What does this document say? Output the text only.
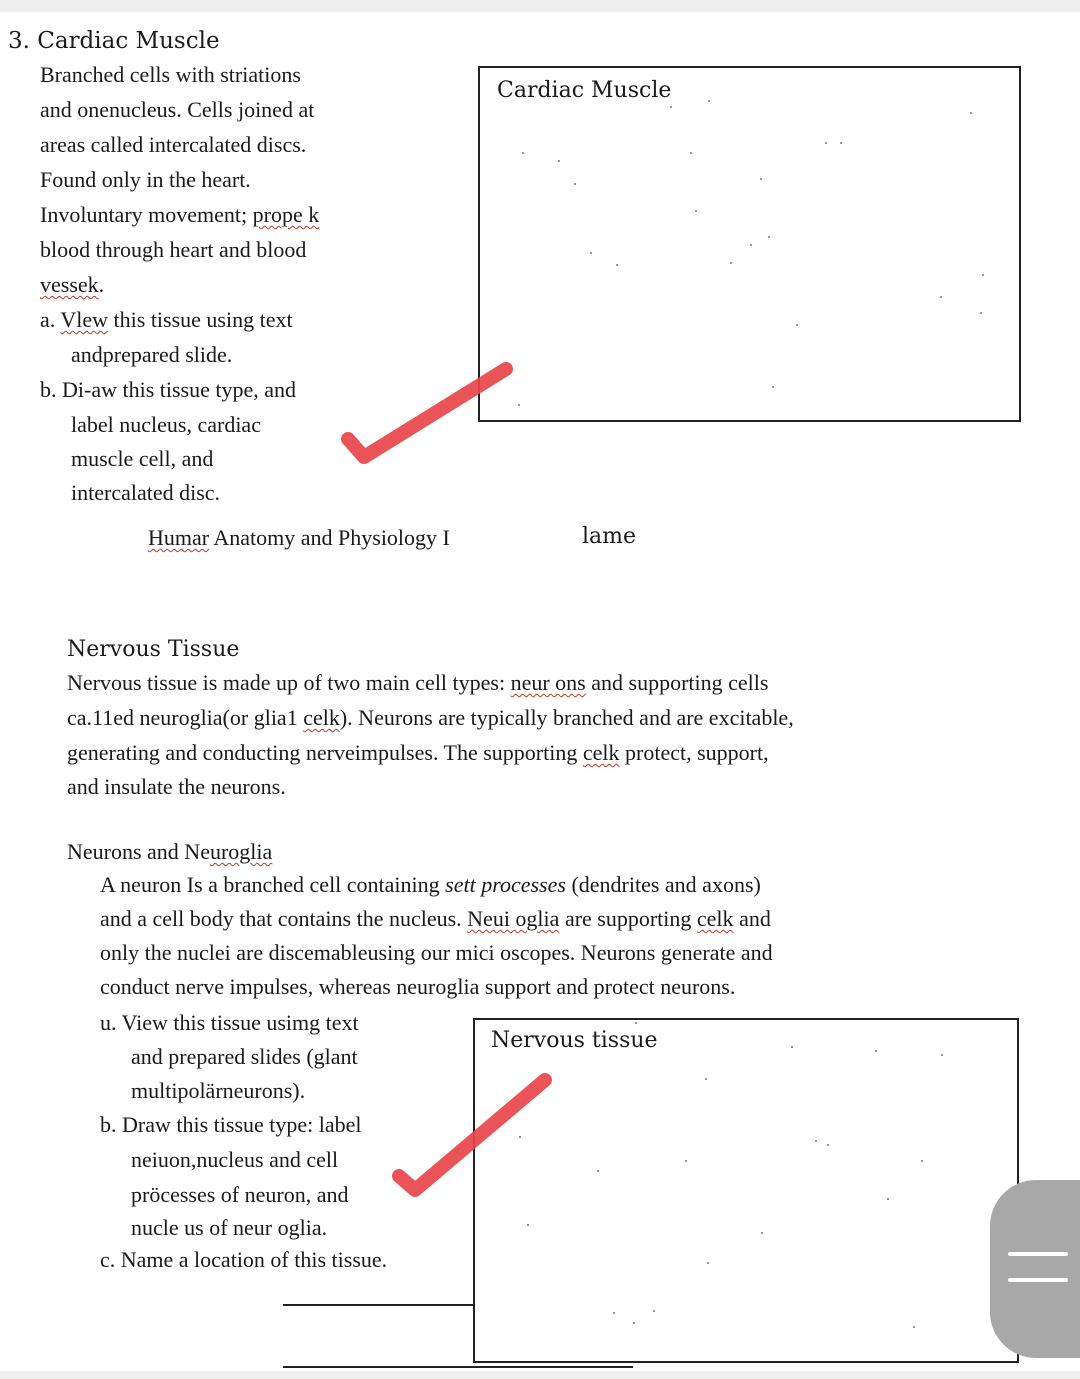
3. Cardiac Muscle
Branched cells with striations
and onenucleus. Cells joined at
areas called intercalated discs.
Found only in the heart.
Involuntary movement; prope k
blood through heart and blood
vessek.
a. Vlew this tissue using text
andprepared slide.
b. Di-aw this tissue type, and
label nucleus, cardiac
muscle cell, and
intercalated disc.
Cardiac Muscle
Humar Anatomy and Physiology I	lame
Nervous Tissue
Nervous tissue is made up of two main cell types: neur ons and supporting cells
ca.11ed neuroglia(or glia1 celk). Neurons are typically branched and are excitable,
generating and conducting nerveimpulses. The supporting celk protect, support,
and insulate the neurons.
Neurons and Neuroglia
A neuron Is a branched cell containing sett processes (dendrites and axons)
and a cell body that contains the nucleus. Neui oglia are supporting celk and
only the nuclei are discemableusing our mici oscopes. Neurons generate and
conduct nerve impulses, whereas neuroglia support and protect neurons.
u. View this tissue usimg text
and prepared slides (glant
multipolärneurons).
b. Draw this tissue type: label
neiuon,nucleus and cell
pröcesses of neuron, and
nucle us of neur oglia.
c. Name a location of this tissue.
Nervous tissue
